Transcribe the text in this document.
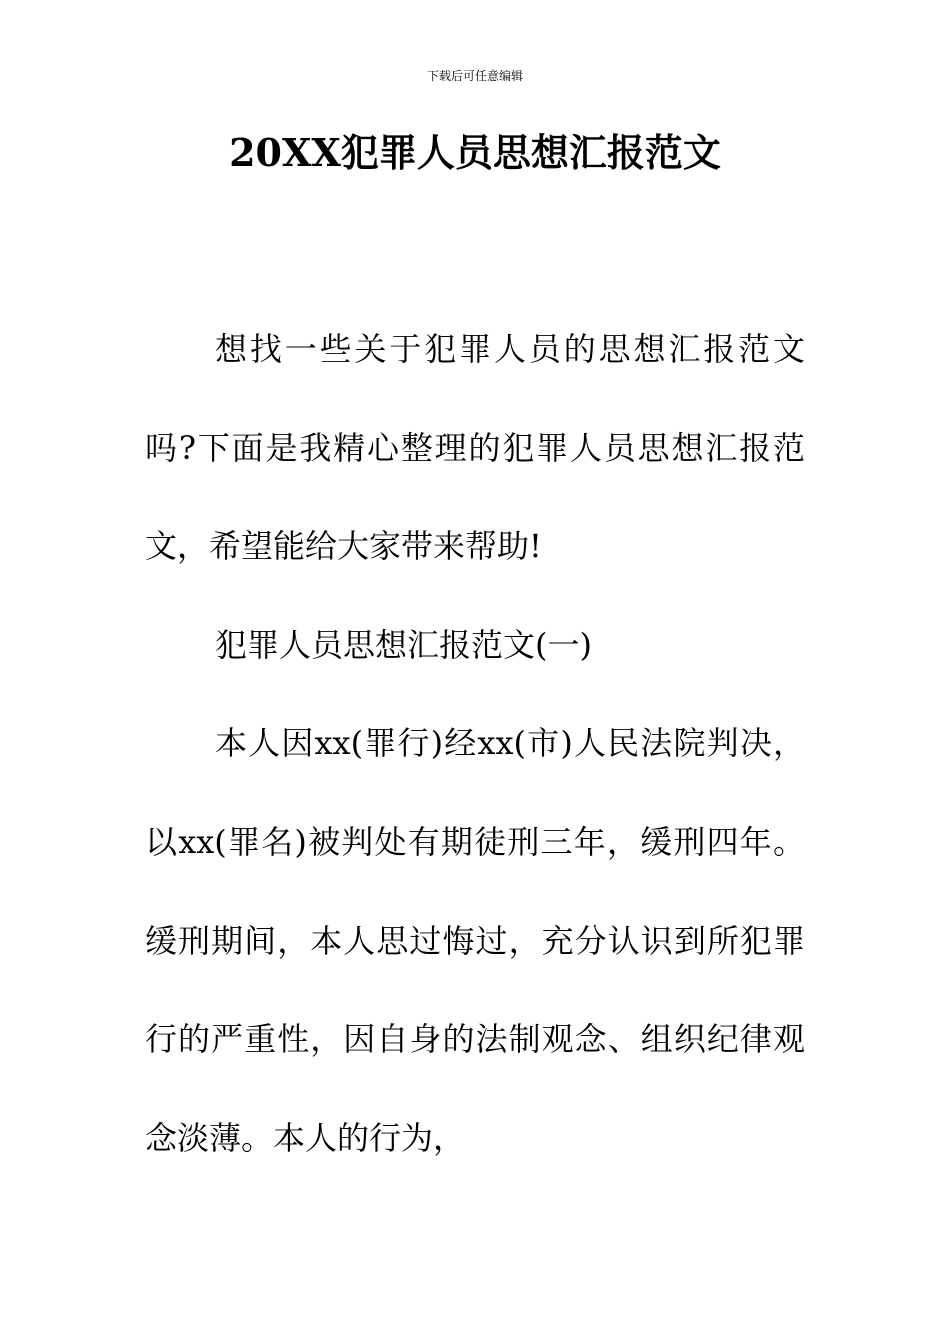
下载后可任意编辑
20XX犯罪人员思想汇报范文

想找一些关于犯罪人员的思想汇报范文吗?下面是我精心整理的犯罪人员思想汇报范文，希望能给大家带来帮助!

犯罪人员思想汇报范文(一)

本人因xx(罪行)经xx(市)人民法院判决，以xx(罪名)被判处有期徒刑三年，缓刑四年。缓刑期间，本人思过悔过，充分认识到所犯罪行的严重性，因自身的法制观念、组织纪律观念淡薄。本人的行为，
